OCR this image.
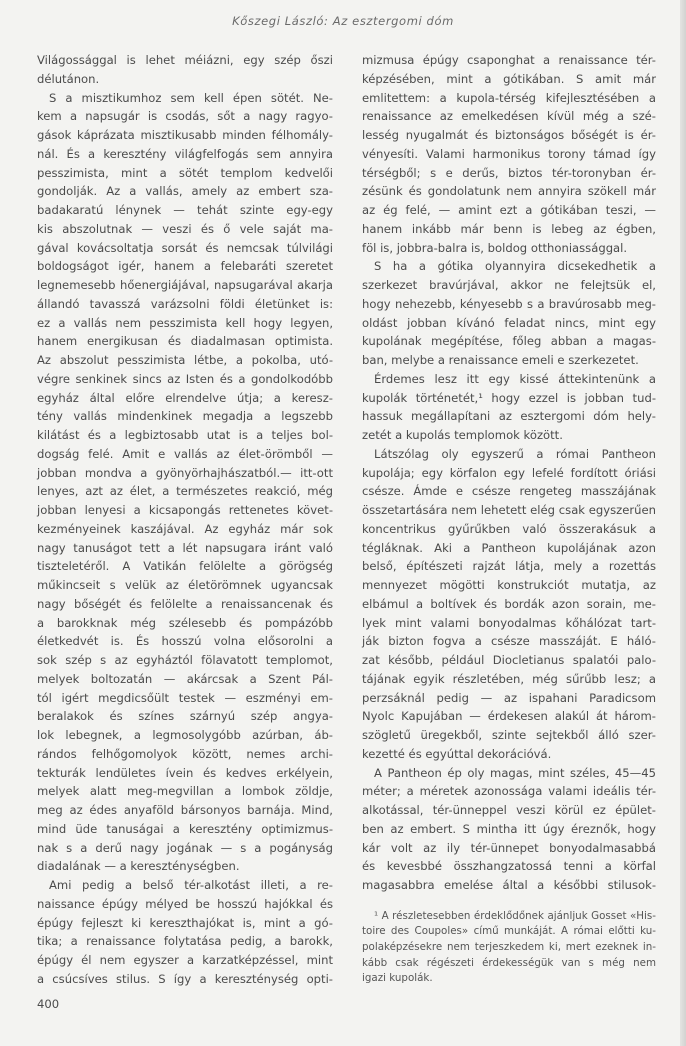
Kőszegi László: Az esztergomi dóm
Világossággal is lehet méiázni, egy szép őszi
délutánon.
S a misztikumhoz sem kell épen sötét. Ne-
kem a napsugár is csodás, sőt a nagy ragyo-
gások káprázata misztikusabb minden félhomály-
nál. És a keresztény világfelfogás sem annyira
pesszimista, mint a sötét templom kedvelői
gondolják. Az a vallás, amely az embert sza-
badakaratú lénynek — tehát szinte egy-egy
kis abszolutnak — veszi és ő vele saját ma-
gával kovácsoltatja sorsát és nemcsak túlvilági
boldogságot igér, hanem a felebaráti szeretet
legnemesebb hőenergiájával, napsugarával akarja
állandó tavasszá varázsolni földi életünket is:
ez a vallás nem pesszimista kell hogy legyen,
hanem energikusan és diadalmasan optimista.
Az abszolut pesszimista létbe, a pokolba, utó-
végre senkinek sincs az Isten és a gondolkodóbb
egyház által előre elrendelve útja; a keresz-
tény vallás mindenkinek megadja a legszebb
kilátást és a legbiztosabb utat is a teljes bol-
dogság felé. Amit e vallás az élet-örömből —
jobban mondva a gyönyörhajhászatból.— itt-ott
lenyes, azt az élet, a természetes reakció, még
jobban lenyesi a kicsapongás rettenetes követ-
kezményeinek kaszájával. Az egyház már sok
nagy tanuságot tett a lét napsugara iránt való
tiszteletéről. A Vatikán felölelte a görögség
műkincseit s velük az életörömnek ugyancsak
nagy bőségét és felölelte a renaissancenak és
a barokknak még szélesebb és pompázóbb
életkedvét is. És hosszú volna elősorolni a
sok szép s az egyháztól fölavatott templomot,
melyek boltozatán — akárcsak a Szent Pál-
tól igért megdicsőült testek — eszményi em-
beralakok és színes szárnyú szép angya-
lok lebegnek, a legmosolygóbb azúrban, áb-
rándos felhőgomolyok között, nemes archi-
tekturák lendületes ívein és kedves erkélyein,
melyek alatt meg-megvillan a lombok zöldje,
meg az édes anyaföld bársonyos barnája. Mind,
mind üde tanuságai a keresztény optimizmus-
nak s a derű nagy jogának — s a pogányság
diadalának — a kereszténységben.
Ami pedig a belső tér-alkotást illeti, a re-
naissance épúgy mélyed be hosszú hajókkal és
épúgy fejleszt ki kereszthajókat is, mint a gó-
tika; a renaissance folytatása pedig, a barokk,
épúgy él nem egyszer a karzatképzéssel, mint
a csúcsíves stilus. S így a kereszténység opti-
mizmusa épúgy csaponghat a renaissance tér-
képzésében, mint a gótikában. S amit már
emlitettem: a kupola-térség kifejlesztésében a
renaissance az emelkedésen kívül még a szé-
lesség nyugalmát és biztonságos bőségét is ér-
vényesíti. Valami harmonikus torony támad így
térségből; s e derűs, biztos tér-toronyban ér-
zésünk és gondolatunk nem annyira szökell már
az ég felé, — amint ezt a gótikában teszi, —
hanem inkább már benn is lebeg az égben,
föl is, jobbra-balra is, boldog otthoniassággal.
S ha a gótika olyannyira dicsekedhetik a
szerkezet bravúrjával, akkor ne felejtsük el,
hogy nehezebb, kényesebb s a bravúrosabb meg-
oldást jobban kívánó feladat nincs, mint egy
kupolának megépítése, főleg abban a magas-
ban, melybe a renaissance emeli e szerkezetet.
Érdemes lesz itt egy kissé áttekintenünk a
kupolák történetét,¹ hogy ezzel is jobban tud-
hassuk megállapítani az esztergomi dóm hely-
zetét a kupolás templomok között.
Látszólag oly egyszerű a római Pantheon
kupolája; egy körfalon egy lefelé fordított óriási
csésze. Ámde e csésze rengeteg masszájának
összetartására nem lehetett elég csak egyszerűen
koncentrikus gyűrűkben való összerakásuk a
tégláknak. Aki a Pantheon kupolájának azon
belső, építészeti rajzát látja, mely a rozettás
mennyezet mögötti konstrukciót mutatja, az
elbámul a boltívek és bordák azon sorain, me-
lyek mint valami bonyodalmas kőhálózat tart-
ják bizton fogva a csésze masszáját. E háló-
zat később, például Diocletianus spalatói palo-
tájának egyik részletében, még sűrűbb lesz; a
perzsáknál pedig — az ispahani Paradicsom
Nyolc Kapujában — érdekesen alakúl át három-
szögletű üregekből, szinte sejtekből álló szer-
kezetté és egyúttal dekorációvá.
A Pantheon ép oly magas, mint széles, 45—45
méter; a méretek azonossága valami ideális tér-
alkotással, tér-ünneppel veszi körül ez épület-
ben az embert. S mintha itt úgy éreznők, hogy
kár volt az ily tér-ünnepet bonyodalmasabbá
és kevesbbé összhangzatossá tenni a körfal
magasabbra emelése által a későbbi stilusok-
¹ A részletesebben érdeklődőnek ajánljuk Gosset «His-
toire des Coupoles» című munkáját. A római előtti ku-
polaképzésekre nem terjeszkedem ki, mert ezeknek in-
kább csak régészeti érdekességük van s még nem
igazi kupolák.
400
